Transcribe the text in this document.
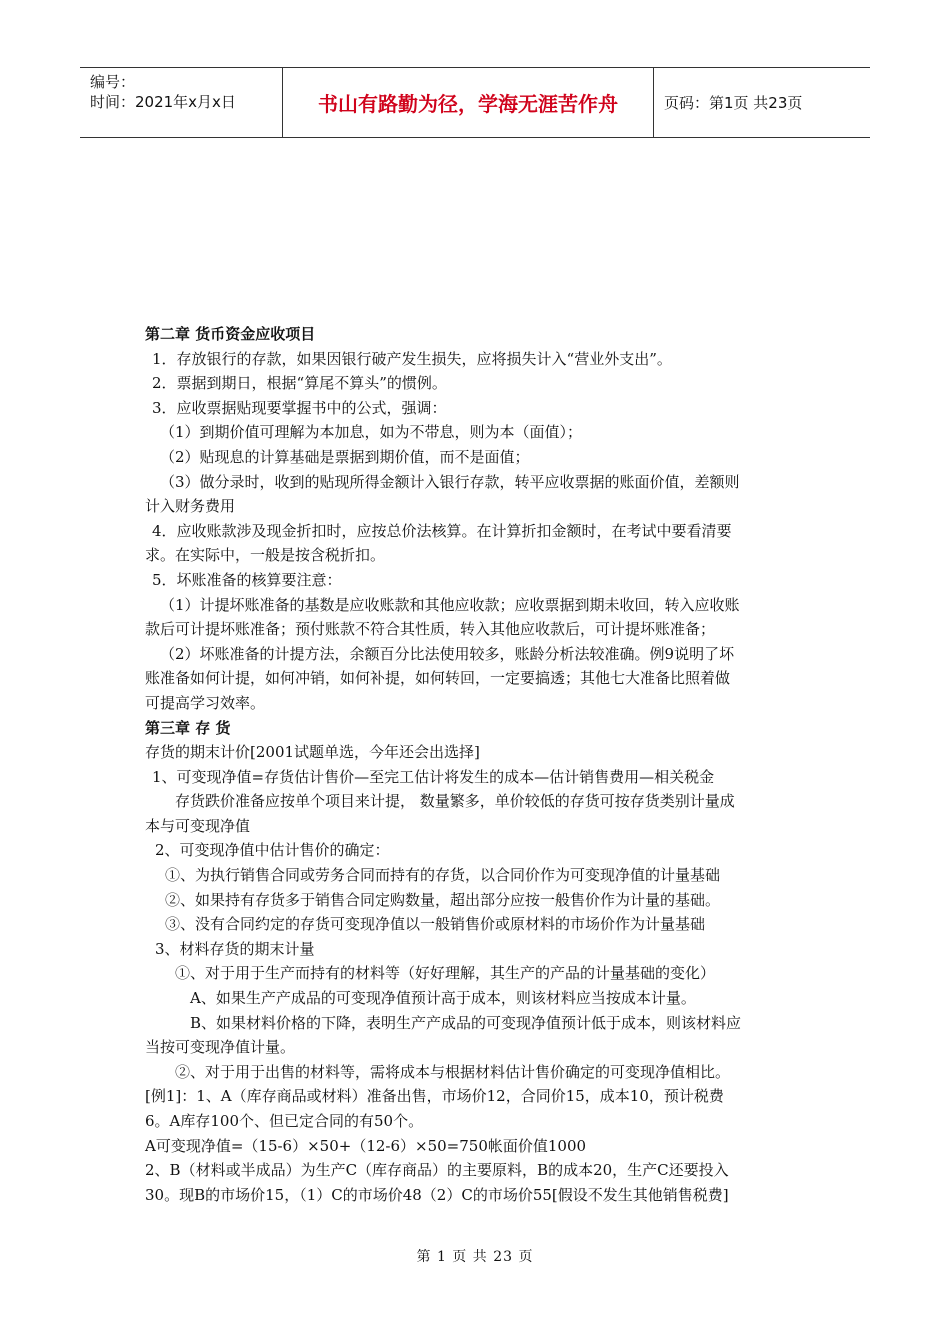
编号：
时间：2021年x月x日	书山有路勤为径，学海无涯苦作舟	页码：第1页 共23页

第二章 货币资金应收项目

1．存放银行的存款，如果因银行破产发生损失，应将损失计入“营业外支出”。

2．票据到期日，根据“算尾不算头”的惯例。

3．应收票据贴现要掌握书中的公式，强调：

（1）到期价值可理解为本加息，如为不带息，则为本（面值）；

（2）贴现息的计算基础是票据到期价值，而不是面值；

（3）做分录时，收到的贴现所得金额计入银行存款，转平应收票据的账面价值，差额则

计入财务费用

4．应收账款涉及现金折扣时，应按总价法核算。在计算折扣金额时，在考试中要看清要

求。在实际中，一般是按含税折扣。

5．坏账准备的核算要注意：

（1）计提坏账准备的基数是应收账款和其他应收款；应收票据到期未收回，转入应收账

款后可计提坏账准备；预付账款不符合其性质，转入其他应收款后，可计提坏账准备；

（2）坏账准备的计提方法，余额百分比法使用较多，账龄分析法较准确。例9说明了坏

账准备如何计提，如何冲销，如何补提，如何转回，一定要搞透；其他七大准备比照着做

可提高学习效率。

第三章 存 货

存货的期末计价[2001试题单选，今年还会出选择]

1、可变现净值=存货估计售价—至完工估计将发生的成本—估计销售费用—相关税金

存货跌价准备应按单个项目来计提， 数量繁多，单价较低的存货可按存货类别计量成

本与可变现净值

2、可变现净值中估计售价的确定：

①、为执行销售合同或劳务合同而持有的存货，以合同价作为可变现净值的计量基础

②、如果持有存货多于销售合同定购数量，超出部分应按一般售价作为计量的基础。

③、没有合同约定的存货可变现净值以一般销售价或原材料的市场价作为计量基础

3、材料存货的期末计量

①、对于用于生产而持有的材料等（好好理解，其生产的产品的计量基础的变化）

A、如果生产产成品的可变现净值预计高于成本，则该材料应当按成本计量。

B、如果材料价格的下降，表明生产产成品的可变现净值预计低于成本，则该材料应

当按可变现净值计量。

②、对于用于出售的材料等，需将成本与根据材料估计售价确定的可变现净值相比。

[例1]：1、A（库存商品或材料）准备出售，市场价12，合同价15，成本10，预计税费

6。A库存100个、但已定合同的有50个。

A可变现净值=（15-6）×50+（12-6）×50=750帐面价值1000

2、B（材料或半成品）为生产C（库存商品）的主要原料，B的成本20，生产C还要投入

30。现B的市场价15，（1）C的市场价48（2）C的市场价55[假设不发生其他销售税费]

第 1 页 共 23 页
